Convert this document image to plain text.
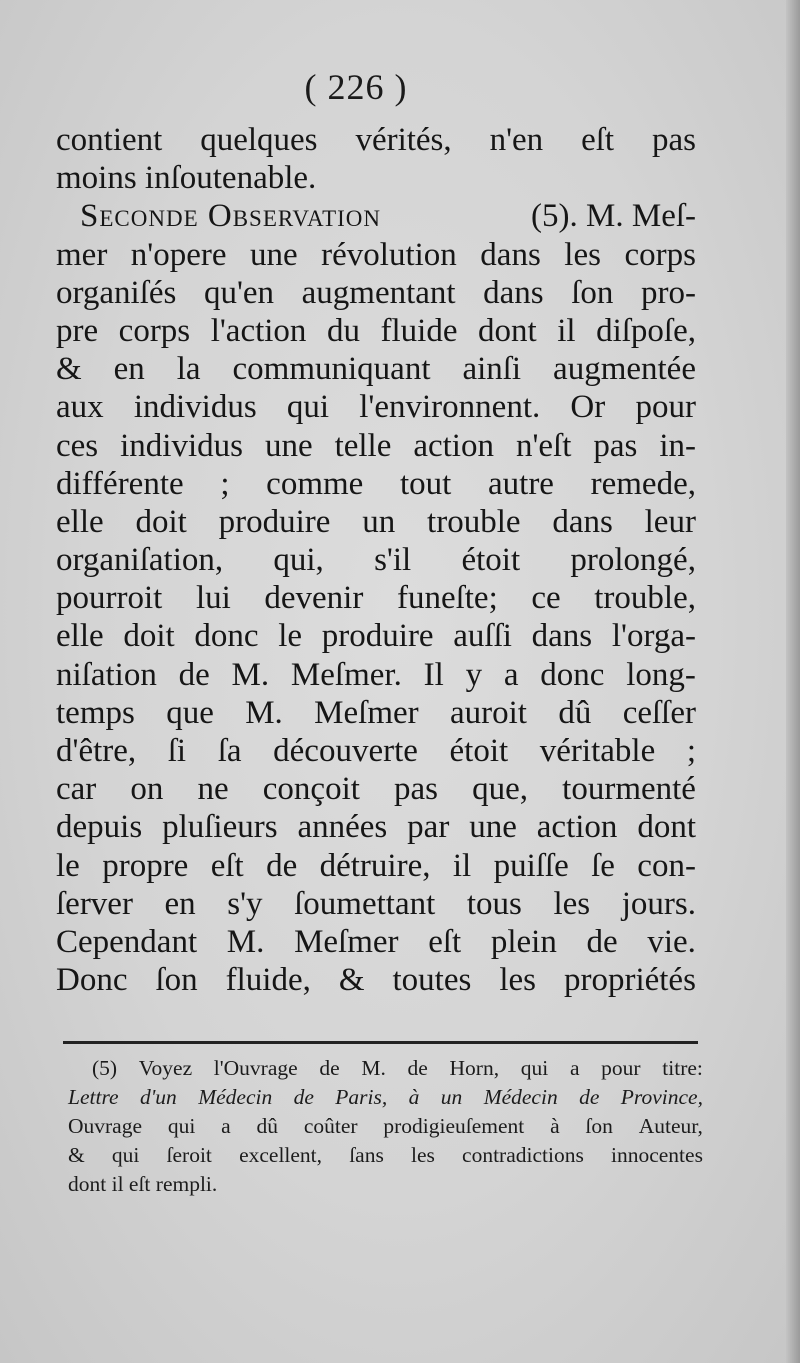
( 226 )
contient quelques vérités, n'en eſt pas
moins inſoutenable.
Seconde Observation	(5). M. Meſ-
mer n'opere une révolution dans les corps
organiſés qu'en augmentant dans ſon pro-
pre corps l'action du fluide dont il diſpoſe,
& en la communiquant ainſi augmentée
aux individus qui l'environnent. Or pour
ces individus une telle action n'eſt pas in-
différente ; comme tout autre remede,
elle doit produire un trouble dans leur
organiſation, qui, s'il étoit prolongé,
pourroit lui devenir funeſte; ce trouble,
elle doit donc le produire auſſi dans l'orga-
niſation de M. Meſmer. Il y a donc long-
temps que M. Meſmer auroit dû ceſſer
d'être, ſi ſa découverte étoit véritable ;
car on ne conçoit pas que, tourmenté
depuis pluſieurs années par une action dont
le propre eſt de détruire, il puiſſe ſe con-
ſerver en s'y ſoumettant tous les jours.
Cependant M. Meſmer eſt plein de vie.
Donc ſon fluide, & toutes les propriétés
(5) Voyez l'Ouvrage de M. de Horn, qui a pour titre:
Lettre d'un Médecin de Paris, à un Médecin de Province,
Ouvrage qui a dû coûter prodigieuſement à ſon Auteur,
& qui ſeroit excellent, ſans les contradictions innocentes
dont il eſt rempli.
